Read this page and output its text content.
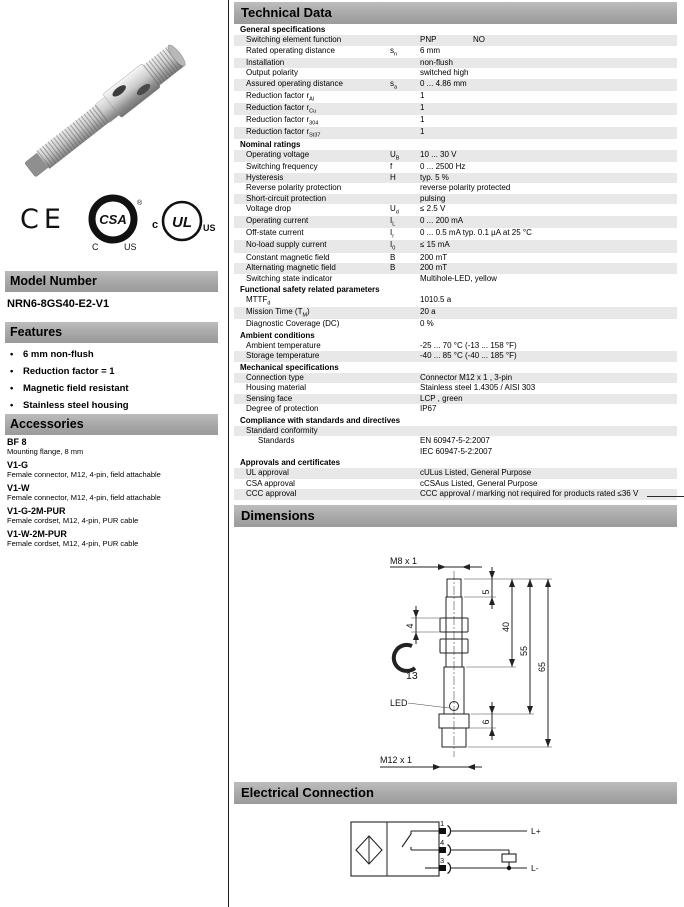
CE	CSA
®
C	US
UL
c	US
Model Number
NRN6-8GS40-E2-V1
Features
•	6 mm non-flush
•	Reduction factor = 1
•	Magnetic field resistant
•	Stainless steel housing
Accessories
BF 8
Mounting flange, 8 mm
V1-G
Female connector, M12, 4-pin, field attachable
V1-W
Female connector, M12, 4-pin, field attachable
V1-G-2M-PUR
Female cordset, M12, 4-pin, PUR cable
V1-W-2M-PUR
Female cordset, M12, 4-pin, PUR cable
Technical Data
General specifications
Switching element function	PNP	NO
Rated operating distance	$s_n$	6 mm
Installation	non-flush
Output polarity	switched high
Assured operating distance	$s_a$	0 ... 4.86 mm
Reduction factor $r_{Al}$	1
Reduction factor $r_{Cu}$	1
Reduction factor $r_{304}$	1
Reduction factor $r_{St37}$	1
Nominal ratings
Operating voltage	$U_B$	10 ... 30 V
Switching frequency	f	0 ... 2500 Hz
Hysteresis	H	typ. 5 %
Reverse polarity protection	reverse polarity protected
Short-circuit protection	pulsing
Voltage drop	$U_d$	≤ 2.5 V
Operating current	$I_L$	0 ... 200 mA
Off-state current	$I_r$	0 ... 0.5 mA typ. 0.1 µA at 25 °C
No-load supply current	$I_0$	≤ 15 mA
Constant magnetic field	B	200 mT
Alternating magnetic field	B	200 mT
Switching state indicator	Multihole-LED, yellow
Functional safety related parameters
$MTTF_d$	1010.5 a
Mission Time $(T_M)$	20 a
Diagnostic Coverage (DC)	0 %
Ambient conditions
Ambient temperature	-25 ... 70 °C (-13 ... 158 °F)
Storage temperature	-40 ... 85 °C (-40 ... 185 °F)
Mechanical specifications
Connection type	Connector M12 x 1 , 3-pin
Housing material	Stainless steel 1.4305 / AISI 303
Sensing face	LCP , green
Degree of protection	IP67
Compliance with standards and directives
Standard conformity
Standards	EN 60947-5-2:2007
IEC 60947-5-2:2007
Approvals and certificates
UL approval	cULus Listed, General Purpose
CSA approval	cCSAus Listed, General Purpose
CCC approval	CCC approval / marking not required for products rated ≤36 V
Dimensions
M8 x 1
5
40
55
65
4
6
13
LED
M12 x 1
Electrical Connection
1
4
3
L+
L-
